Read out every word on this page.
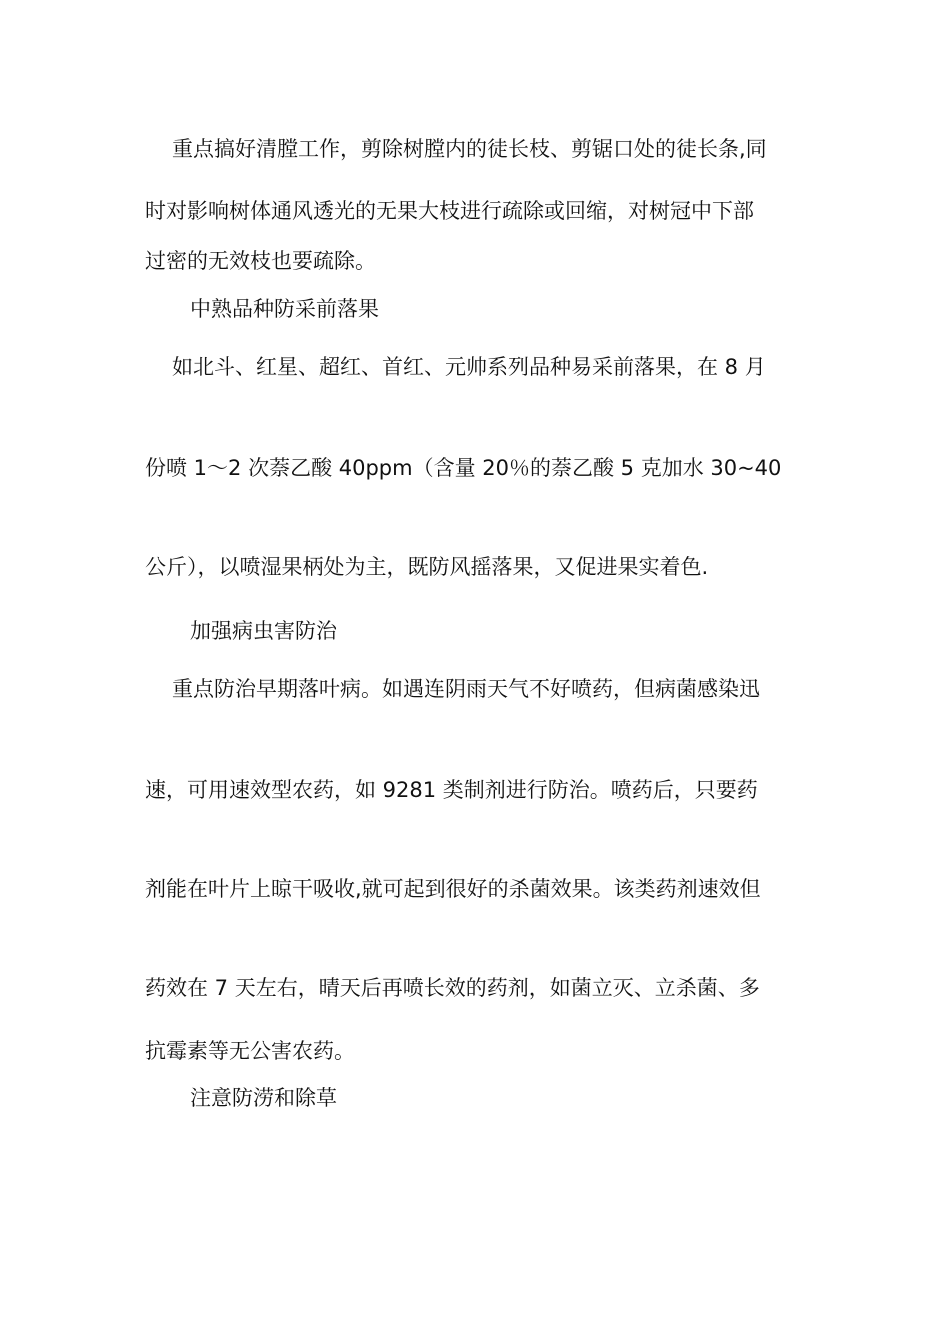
重点搞好清膛工作，剪除树膛内的徒长枝、剪锯口处的徒长条,同
时对影响树体通风透光的无果大枝进行疏除或回缩，对树冠中下部
过密的无效枝也要疏除。
中熟品种防采前落果
如北斗、红星、超红、首红、元帅系列品种易采前落果，在 8 月
份喷 1～2 次萘乙酸 40ppm（含量 20％的萘乙酸 5 克加水 30~40
公斤），以喷湿果柄处为主，既防风摇落果，又促进果实着色.
加强病虫害防治
重点防治早期落叶病。如遇连阴雨天气不好喷药，但病菌感染迅
速，可用速效型农药，如 9281 类制剂进行防治。喷药后，只要药
剂能在叶片上晾干吸收,就可起到很好的杀菌效果。该类药剂速效但
药效在 7 天左右，晴天后再喷长效的药剂，如菌立灭、立杀菌、多
抗霉素等无公害农药。
注意防涝和除草
